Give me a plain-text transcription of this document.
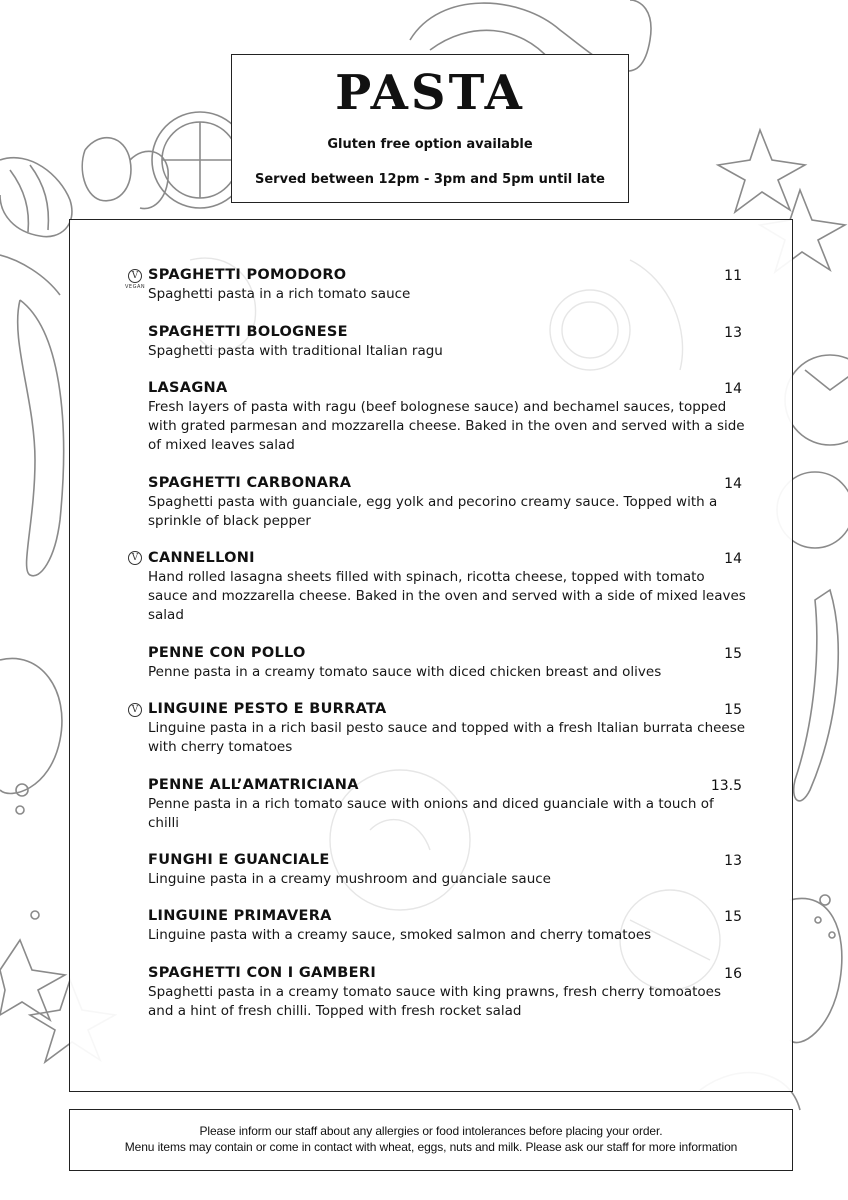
PASTA
Gluten free option available
Served between 12pm - 3pm and 5pm until late
SPAGHETTI POMODORO
Spaghetti pasta in a rich tomato sauce
11
V
VEGAN
SPAGHETTI BOLOGNESE
Spaghetti pasta with traditional Italian ragu
13
LASAGNA
Fresh layers of pasta with ragu (beef bolognese sauce) and bechamel sauces, topped with grated parmesan and mozzarella cheese. Baked in the oven and served with a side of mixed leaves salad
14
SPAGHETTI CARBONARA
Spaghetti pasta with guanciale, egg yolk and pecorino creamy sauce. Topped with a sprinkle of black pepper
14
CANNELLONI
Hand rolled lasagna sheets filled with spinach, ricotta cheese, topped with tomato sauce and mozzarella cheese. Baked in the oven and served with a side of mixed leaves salad
14
V
PENNE CON POLLO
Penne pasta in a creamy tomato sauce with diced chicken breast and olives
15
LINGUINE PESTO E BURRATA
Linguine pasta in a rich basil pesto sauce and topped with a fresh Italian burrata cheese with cherry tomatoes
15
V
PENNE ALL’AMATRICIANA
Penne pasta in a rich tomato sauce with onions and diced guanciale with a touch of chilli
13.5
FUNGHI E GUANCIALE
Linguine pasta in a creamy mushroom and guanciale sauce
13
LINGUINE PRIMAVERA
Linguine pasta with a creamy sauce, smoked salmon and cherry tomatoes
15
SPAGHETTI CON I GAMBERI
Spaghetti pasta in a creamy tomato sauce with king prawns, fresh cherry tomoatoes and a hint of fresh chilli. Topped with fresh rocket salad
16
Please inform our staff about any allergies or food intolerances before placing your order.
Menu items may contain or come in contact with wheat, eggs, nuts and milk. Please ask our staff for more information
